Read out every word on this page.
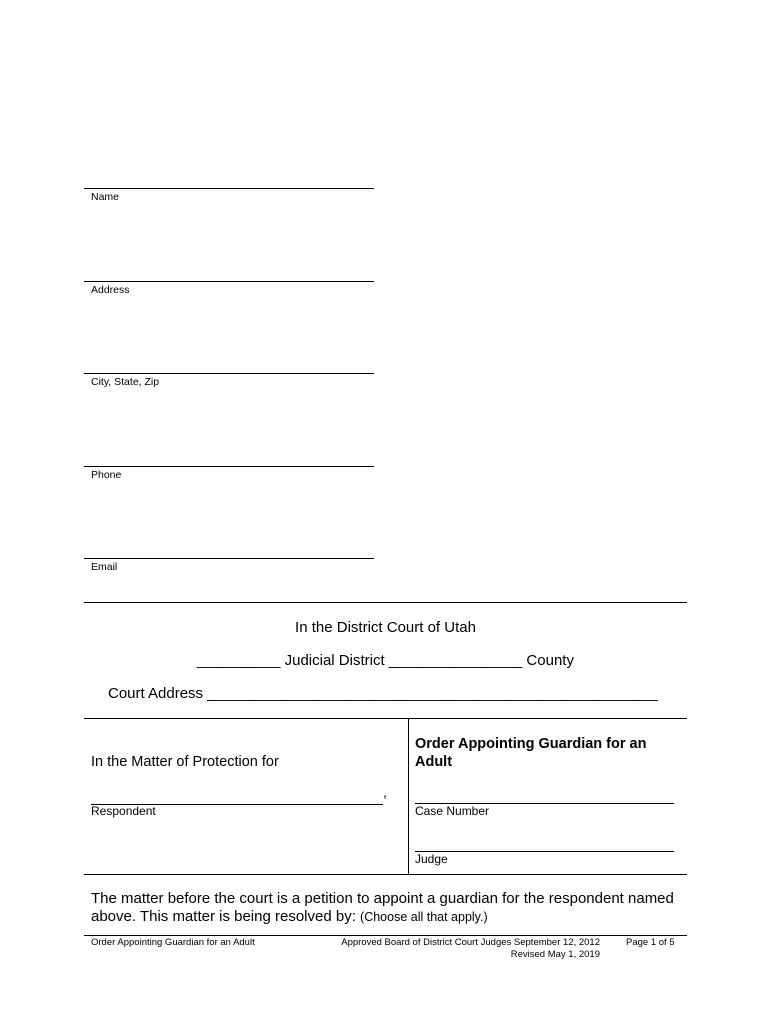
Name
Address
City, State, Zip
Phone
Email
In the District Court of Utah
__________ Judicial District ________________ County
Court Address ______________________________________________________
In the Matter of Protection for
,
Respondent
Order Appointing Guardian for an Adult
Case Number
Judge
The matter before the court is a petition to appoint a guardian for the respondent named above. This matter is being resolved by: (Choose all that apply.)
Order Appointing Guardian for an Adult	Approved Board of District Court Judges September 12, 2012
Revised May 1, 2019
Page 1 of 5
